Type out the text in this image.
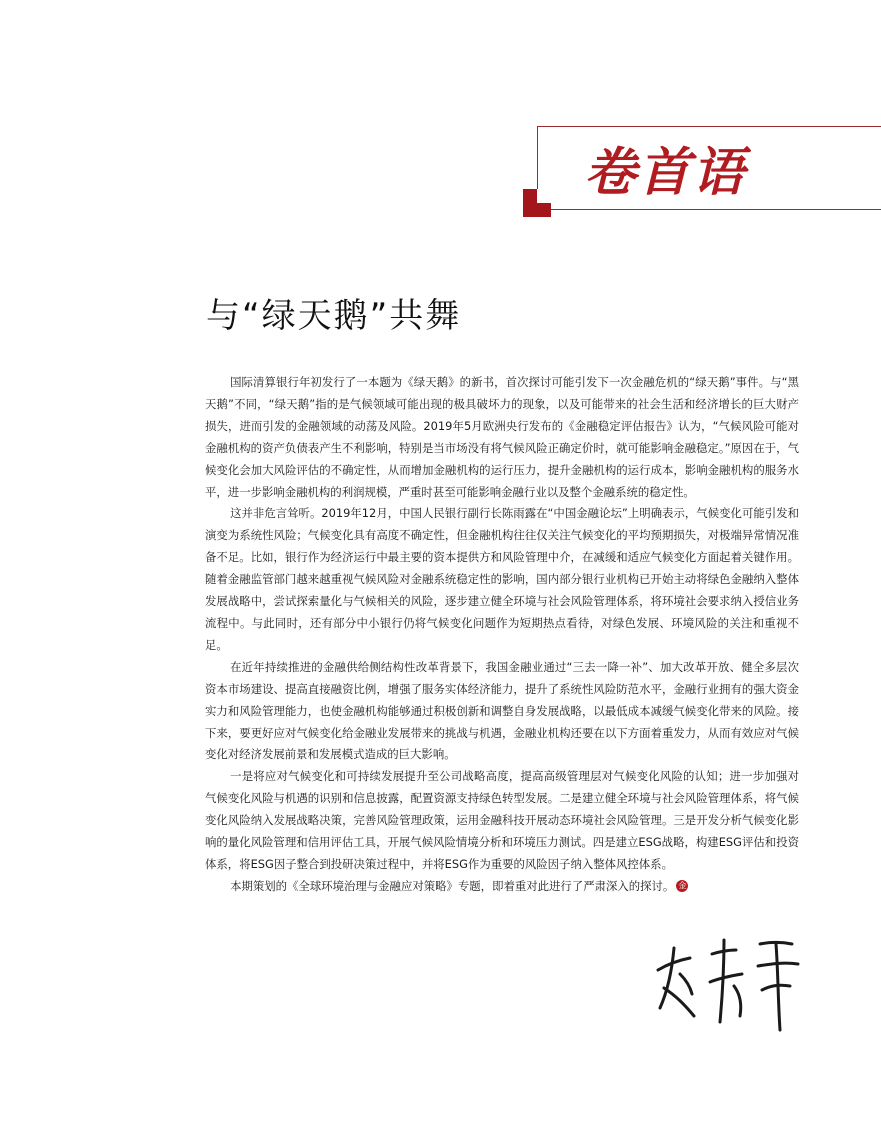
卷首语
与“绿天鹅”共舞

国际清算银行年初发行了一本题为《绿天鹅》的新书，首次探讨可能引发下一次金融危机的“绿天鹅”事件。与“黑天鹅”不同，“绿天鹅”指的是气候领域可能出现的极具破坏力的现象，以及可能带来的社会生活和经济增长的巨大财产损失，进而引发的金融领域的动荡及风险。2019年5月欧洲央行发布的《金融稳定评估报告》认为，“气候风险可能对金融机构的资产负债表产生不利影响，特别是当市场没有将气候风险正确定价时，就可能影响金融稳定。”原因在于，气候变化会加大风险评估的不确定性，从而增加金融机构的运行压力，提升金融机构的运行成本，影响金融机构的服务水平，进一步影响金融机构的利润规模，严重时甚至可能影响金融行业以及整个金融系统的稳定性。

这并非危言耸听。2019年12月，中国人民银行副行长陈雨露在“中国金融论坛”上明确表示，气候变化可能引发和演变为系统性风险；气候变化具有高度不确定性，但金融机构往往仅关注气候变化的平均预期损失，对极端异常情况准备不足。比如，银行作为经济运行中最主要的资本提供方和风险管理中介，在减缓和适应气候变化方面起着关键作用。随着金融监管部门越来越重视气候风险对金融系统稳定性的影响，国内部分银行业机构已开始主动将绿色金融纳入整体发展战略中，尝试探索量化与气候相关的风险，逐步建立健全环境与社会风险管理体系，将环境社会要求纳入授信业务流程中。与此同时，还有部分中小银行仍将气候变化问题作为短期热点看待，对绿色发展、环境风险的关注和重视不足。

在近年持续推进的金融供给侧结构性改革背景下，我国金融业通过“三去一降一补”、加大改革开放、健全多层次资本市场建设、提高直接融资比例，增强了服务实体经济能力，提升了系统性风险防范水平，金融行业拥有的强大资金实力和风险管理能力，也使金融机构能够通过积极创新和调整自身发展战略，以最低成本减缓气候变化带来的风险。接下来，要更好应对气候变化给金融业发展带来的挑战与机遇，金融业机构还要在以下方面着重发力，从而有效应对气候变化对经济发展前景和发展模式造成的巨大影响。

一是将应对气候变化和可持续发展提升至公司战略高度，提高高级管理层对气候变化风险的认知；进一步加强对气候变化风险与机遇的识别和信息披露，配置资源支持绿色转型发展。二是建立健全环境与社会风险管理体系，将气候变化风险纳入发展战略决策，完善风险管理政策，运用金融科技开展动态环境社会风险管理。三是开发分析气候变化影响的量化风险管理和信用评估工具，开展气候风险情境分析和环境压力测试。四是建立ESG战略，构建ESG评估和投资体系，将ESG因子整合到投研决策过程中，并将ESG作为重要的风险因子纳入整体风控体系。

本期策划的《全球环境治理与金融应对策略》专题，即着重对此进行了严肃深入的探讨。 金
